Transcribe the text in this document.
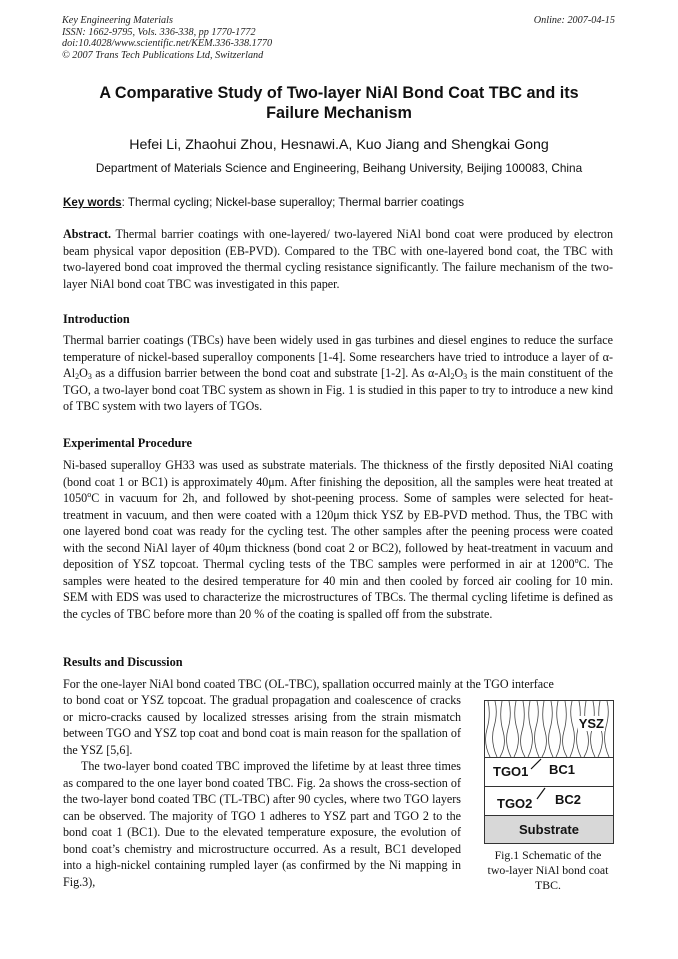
Key Engineering Materials
ISSN: 1662-9795, Vols. 336-338, pp 1770-1772
doi:10.4028/www.scientific.net/KEM.336-338.1770
© 2007 Trans Tech Publications Ltd, Switzerland
Online: 2007-04-15
A Comparative Study of Two-layer NiAl Bond Coat TBC and its
Failure Mechanism
Hefei Li, Zhaohui Zhou, Hesnawi.A, Kuo Jiang and Shengkai Gong
Department of Materials Science and Engineering, Beihang University, Beijing 100083, China
Key words: Thermal cycling; Nickel-base superalloy; Thermal barrier coatings

Abstract. Thermal barrier coatings with one-layered/ two-layered NiAl bond coat were produced by electron beam physical vapor deposition (EB-PVD). Compared to the TBC with one-layered bond coat, the TBC with two-layered bond coat improved the thermal cycling resistance significantly. The failure mechanism of the two-layer NiAl bond coat TBC was investigated in this paper.

Introduction

Thermal barrier coatings (TBCs) have been widely used in gas turbines and diesel engines to reduce the surface temperature of nickel-based superalloy components [1-4]. Some researchers have tried to introduce a layer of $\alpha-Al_2O_3$ as a diffusion barrier between the bond coat and substrate [1-2]. As $\alpha-Al_2O_3$ is the main constituent of the TGO, a two-layer bond coat TBC system as shown in Fig. 1 is studied in this paper to try to introduce a new kind of TBC system with two layers of TGOs.

Experimental Procedure

Ni-based superalloy GH33 was used as substrate materials. The thickness of the firstly deposited NiAl coating (bond coat 1 or BC1) is approximately 40μm. After finishing the deposition, all the samples were heat treated at 1050$^o$C in vacuum for 2h, and followed by shot-peening process. Some of samples were selected for heat-treatment in vacuum, and then were coated with a 120μm thick YSZ by EB-PVD method. Thus, the TBC with one layered bond coat was ready for the cycling test. The other samples after the peening process were coated with the second NiAl layer of 40μm thickness (bond coat 2 or BC2), followed by heat-treatment in vacuum and deposition of YSZ topcoat. Thermal cycling tests of the TBC samples were performed in air at 1200$^o$C. The samples were heated to the desired temperature for 40 min and then cooled by forced air cooling for 10 min. SEM with EDS was used to characterize the microstructures of TBCs. The thermal cycling lifetime is defined as the cycles of TBC before more than 20 % of the coating is spalled off from the substrate.

Results and Discussion

For the one-layer NiAl bond coated TBC (OL-TBC), spallation occurred mainly at the TGO interface

to bond coat or YSZ topcoat. The gradual propagation and coalescence of cracks or micro-cracks caused by localized stresses arising from the strain mismatch between TGO and YSZ top coat and bond coat is main reason for the spallation of the YSZ [5,6].

The two-layer bond coated TBC improved the lifetime by at least three times as compared to the one layer bond coated TBC. Fig. 2a shows the cross-section of the two-layer bond coated TBC (TL-TBC) after 90 cycles, where two TGO layers can be observed. The majority of TGO 1 adheres to YSZ part and TGO 2 to the bond coat 1 (BC1). Due to the elevated temperature exposure, the evolution of bond coat’s chemistry and microstructure occurred. As a result, BC1 developed into a high-nickel containing rumpled layer (as confirmed by the Ni mapping in Fig.3),

YSZ
TGO1 BC1
TGO2 BC2
Substrate
Fig.1 Schematic of the two-layer NiAl bond coat TBC.
